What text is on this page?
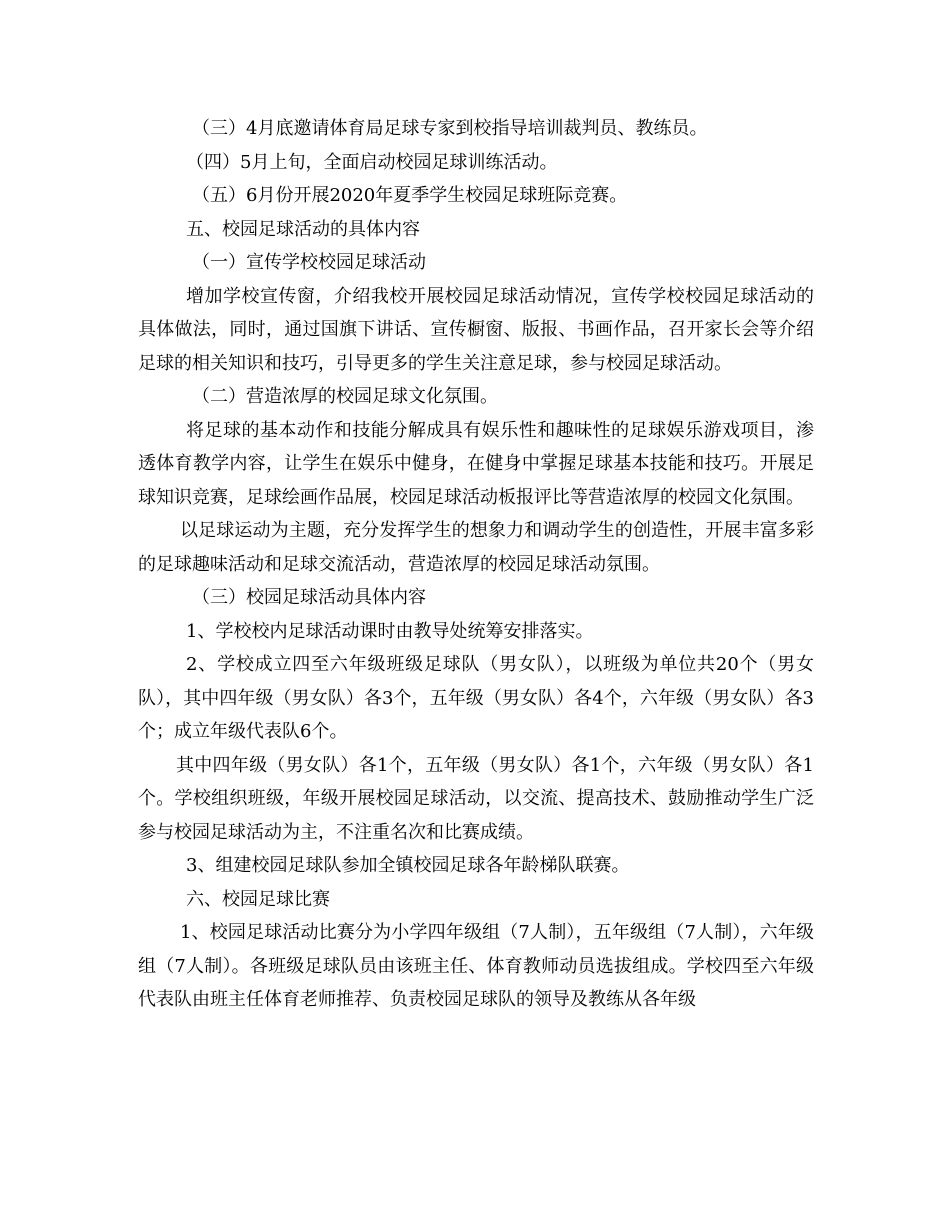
（三）4月底邀请体育局足球专家到校指导培训裁判员、教练员。

（四）5月上旬，全面启动校园足球训练活动。

（五）6月份开展2020年夏季学生校园足球班际竞赛。

五、校园足球活动的具体内容

（一）宣传学校校园足球活动

增加学校宣传窗，介绍我校开展校园足球活动情况，宣传学校校园足球活动的具体做法，同时，通过国旗下讲话、宣传橱窗、版报、书画作品，召开家长会等介绍足球的相关知识和技巧，引导更多的学生关注意足球，参与校园足球活动。

（二）营造浓厚的校园足球文化氛围。

将足球的基本动作和技能分解成具有娱乐性和趣味性的足球娱乐游戏项目，渗透体育教学内容，让学生在娱乐中健身，在健身中掌握足球基本技能和技巧。开展足球知识竞赛，足球绘画作品展，校园足球活动板报评比等营造浓厚的校园文化氛围。

以足球运动为主题，充分发挥学生的想象力和调动学生的创造性，开展丰富多彩的足球趣味活动和足球交流活动，营造浓厚的校园足球活动氛围。

（三）校园足球活动具体内容

1、学校校内足球活动课时由教导处统筹安排落实。

2、学校成立四至六年级班级足球队（男女队），以班级为单位共20个（男女队），其中四年级（男女队）各3个，五年级（男女队）各4个，六年级（男女队）各3个；成立年级代表队6个。

其中四年级（男女队）各1个，五年级（男女队）各1个，六年级（男女队）各1个。学校组织班级，年级开展校园足球活动，以交流、提高技术、鼓励推动学生广泛参与校园足球活动为主，不注重名次和比赛成绩。

3、组建校园足球队参加全镇校园足球各年龄梯队联赛。

六、校园足球比赛

1、校园足球活动比赛分为小学四年级组（7人制），五年级组（7人制），六年级组（7人制）。各班级足球队员由该班主任、体育教师动员选拔组成。学校四至六年级代表队由班主任体育老师推荐、负责校园足球队的领导及教练从各年级
